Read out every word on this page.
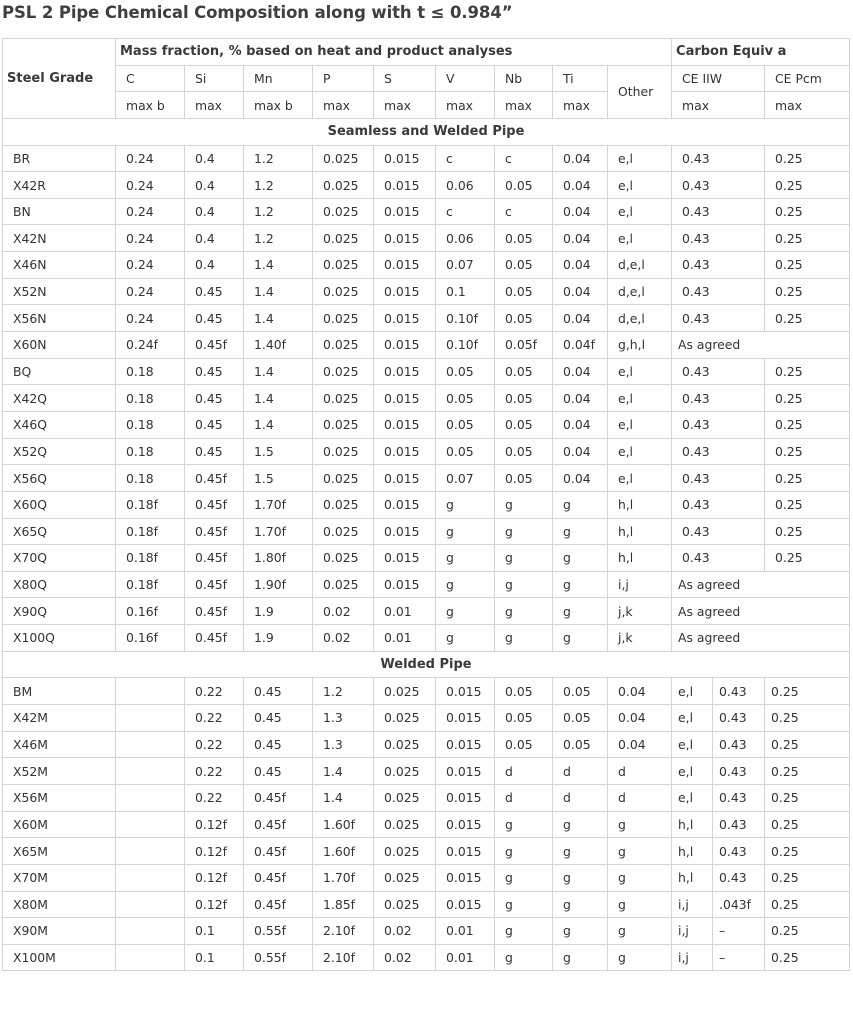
PSL 2 Pipe Chemical Composition along with t ≤ 0.984”
Steel Grade	Mass fraction, % based on heat and product analyses									Carbon Equiv a		
	C	Si	Mn	P	S	V	Nb	Ti	Other	CE IIW		CE Pcm
	max b	max	max b	max	max	max	max	max		max		max
Seamless and Welded Pipe												
BR	0.24	0.4	1.2	0.025	0.015	c	c	0.04	e,l	0.43		0.25
X42R	0.24	0.4	1.2	0.025	0.015	0.06	0.05	0.04	e,l	0.43		0.25
BN	0.24	0.4	1.2	0.025	0.015	c	c	0.04	e,l	0.43		0.25
X42N	0.24	0.4	1.2	0.025	0.015	0.06	0.05	0.04	e,l	0.43		0.25
X46N	0.24	0.4	1.4	0.025	0.015	0.07	0.05	0.04	d,e,l	0.43		0.25
X52N	0.24	0.45	1.4	0.025	0.015	0.1	0.05	0.04	d,e,l	0.43		0.25
X56N	0.24	0.45	1.4	0.025	0.015	0.10f	0.05	0.04	d,e,l	0.43		0.25
X60N	0.24f	0.45f	1.40f	0.025	0.015	0.10f	0.05f	0.04f	g,h,l	As agreed		
BQ	0.18	0.45	1.4	0.025	0.015	0.05	0.05	0.04	e,l	0.43		0.25
X42Q	0.18	0.45	1.4	0.025	0.015	0.05	0.05	0.04	e,l	0.43		0.25
X46Q	0.18	0.45	1.4	0.025	0.015	0.05	0.05	0.04	e,l	0.43		0.25
X52Q	0.18	0.45	1.5	0.025	0.015	0.05	0.05	0.04	e,l	0.43		0.25
X56Q	0.18	0.45f	1.5	0.025	0.015	0.07	0.05	0.04	e,l	0.43		0.25
X60Q	0.18f	0.45f	1.70f	0.025	0.015	g	g	g	h,l	0.43		0.25
X65Q	0.18f	0.45f	1.70f	0.025	0.015	g	g	g	h,l	0.43		0.25
X70Q	0.18f	0.45f	1.80f	0.025	0.015	g	g	g	h,l	0.43		0.25
X80Q	0.18f	0.45f	1.90f	0.025	0.015	g	g	g	i,j	As agreed		
X90Q	0.16f	0.45f	1.9	0.02	0.01	g	g	g	j,k	As agreed		
X100Q	0.16f	0.45f	1.9	0.02	0.01	g	g	g	j,k	As agreed		
Welded Pipe												
BM		0.22	0.45	1.2	0.025	0.015	0.05	0.05	0.04	e,l	0.43	0.25
X42M		0.22	0.45	1.3	0.025	0.015	0.05	0.05	0.04	e,l	0.43	0.25
X46M		0.22	0.45	1.3	0.025	0.015	0.05	0.05	0.04	e,l	0.43	0.25
X52M		0.22	0.45	1.4	0.025	0.015	d	d	d	e,l	0.43	0.25
X56M		0.22	0.45f	1.4	0.025	0.015	d	d	d	e,l	0.43	0.25
X60M		0.12f	0.45f	1.60f	0.025	0.015	g	g	g	h,l	0.43	0.25
X65M		0.12f	0.45f	1.60f	0.025	0.015	g	g	g	h,l	0.43	0.25
X70M		0.12f	0.45f	1.70f	0.025	0.015	g	g	g	h,l	0.43	0.25
X80M		0.12f	0.45f	1.85f	0.025	0.015	g	g	g	i,j	.043f	0.25
X90M		0.1	0.55f	2.10f	0.02	0.01	g	g	g	i,j	–	0.25
X100M		0.1	0.55f	2.10f	0.02	0.01	g	g	g	i,j	–	0.25
